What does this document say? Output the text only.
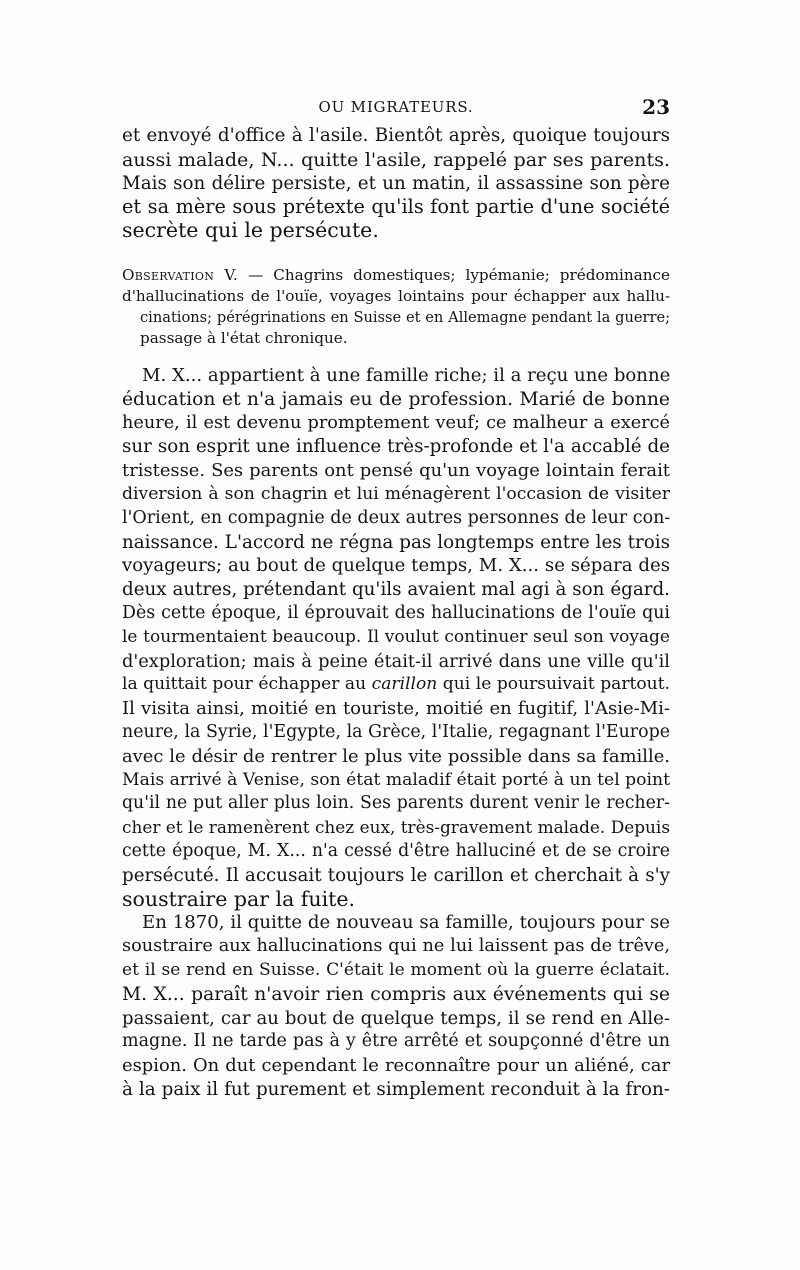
OU MIGRATEURS.	23

et envoyé d'office à l'asile. Bientôt après, quoique toujours
aussi malade, N... quitte l'asile, rappelé par ses parents.
Mais son délire persiste, et un matin, il assassine son père
et sa mère sous prétexte qu'ils font partie d'une société
secrète qui le persécute.

Observation V. — Chagrins domestiques; lypémanie; prédominance
d'hallucinations de l'ouïe, voyages lointains pour échapper aux hallu-
cinations; pérégrinations en Suisse et en Allemagne pendant la guerre;
passage à l'état chronique.

M. X... appartient à une famille riche; il a reçu une bonne
éducation et n'a jamais eu de profession. Marié de bonne
heure, il est devenu promptement veuf; ce malheur a exercé
sur son esprit une influence très-profonde et l'a accablé de
tristesse. Ses parents ont pensé qu'un voyage lointain ferait
diversion à son chagrin et lui ménagèrent l'occasion de visiter
l'Orient, en compagnie de deux autres personnes de leur con-
naissance. L'accord ne régna pas longtemps entre les trois
voyageurs; au bout de quelque temps, M. X... se sépara des
deux autres, prétendant qu'ils avaient mal agi à son égard.
Dès cette époque, il éprouvait des hallucinations de l'ouïe qui
le tourmentaient beaucoup. Il voulut continuer seul son voyage
d'exploration; mais à peine était-il arrivé dans une ville qu'il
la quittait pour échapper au carillon qui le poursuivait partout.
Il visita ainsi, moitié en touriste, moitié en fugitif, l'Asie-Mi-
neure, la Syrie, l'Egypte, la Grèce, l'Italie, regagnant l'Europe
avec le désir de rentrer le plus vite possible dans sa famille.
Mais arrivé à Venise, son état maladif était porté à un tel point
qu'il ne put aller plus loin. Ses parents durent venir le recher-
cher et le ramenèrent chez eux, très-gravement malade. Depuis
cette époque, M. X... n'a cessé d'être halluciné et de se croire
persécuté. Il accusait toujours le carillon et cherchait à s'y
soustraire par la fuite.

En 1870, il quitte de nouveau sa famille, toujours pour se
soustraire aux hallucinations qui ne lui laissent pas de trêve,
et il se rend en Suisse. C'était le moment où la guerre éclatait.
M. X... paraît n'avoir rien compris aux événements qui se
passaient, car au bout de quelque temps, il se rend en Alle-
magne. Il ne tarde pas à y être arrêté et soupçonné d'être un
espion. On dut cependant le reconnaître pour un aliéné, car
à la paix il fut purement et simplement reconduit à la fron-
